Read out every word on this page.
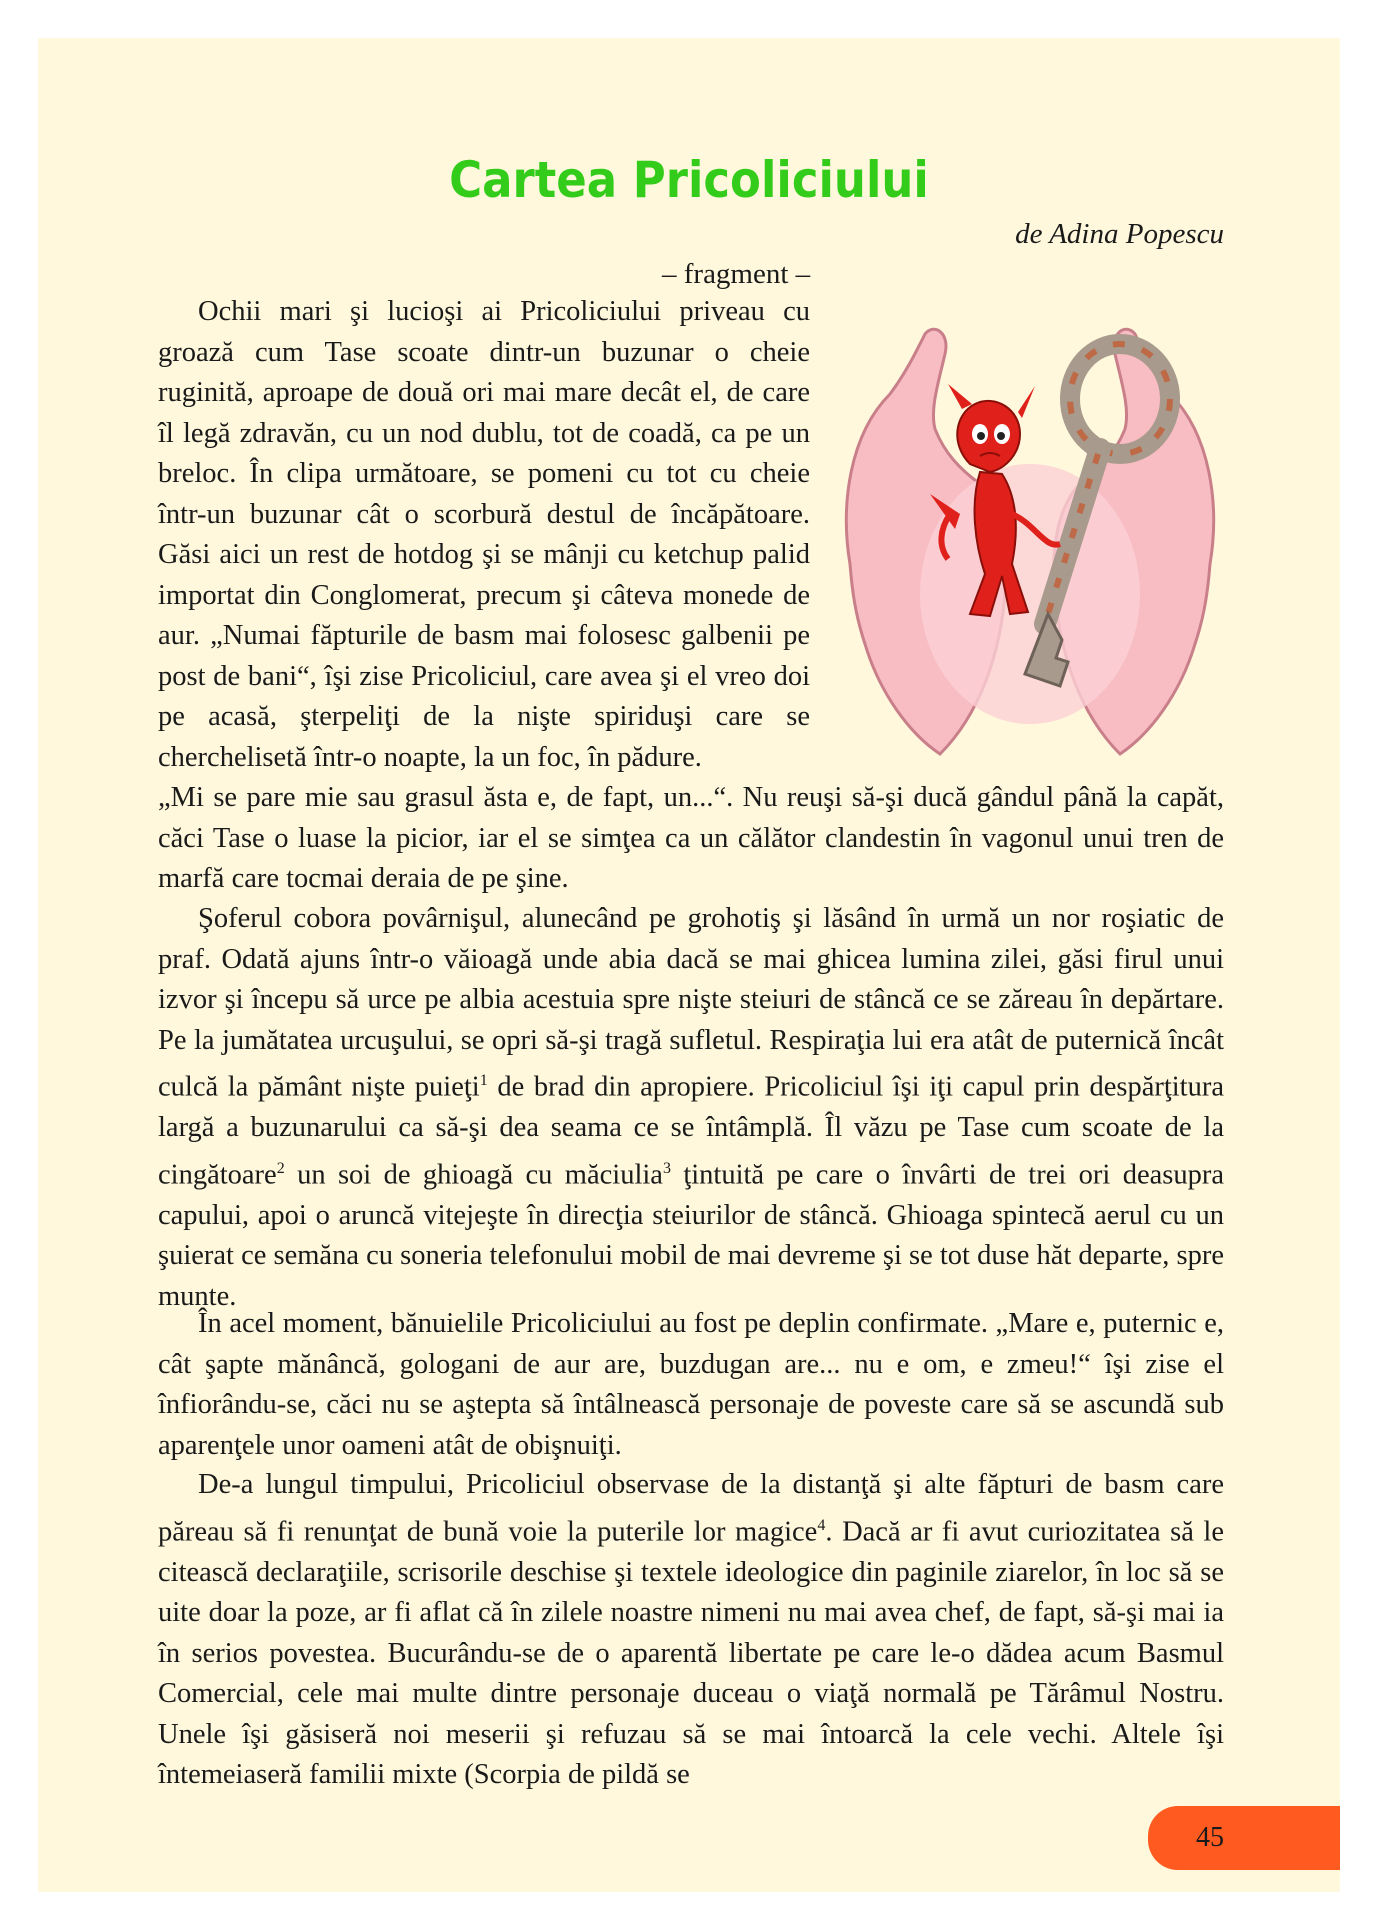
Cartea Pricoliciului

de Adina Popescu

– fragment –

Ochii mari şi lucioşi ai Pricoliciului priveau cu groază cum Tase scoate dintr-un buzunar o cheie ruginită, aproape de două ori mai mare decât el, de care îl legă zdravăn, cu un nod dublu, tot de coadă, ca pe un breloc. În clipa următoare, se pomeni cu tot cu cheie într-un buzunar cât o scorbură destul de încăpătoare. Găsi aici un rest de hotdog şi se mânji cu ketchup palid importat din Conglomerat, precum şi câteva monede de aur. „Numai făpturile de basm mai folosesc galbenii pe post de bani“, îşi zise Pricoliciul, care avea şi el vreo doi pe acasă, şterpeliţi de la nişte spiriduşi care se cherchelisetă într-o noapte, la un foc, în pădure.

„Mi se pare mie sau grasul ăsta e, de fapt, un...“. Nu reuşi să-şi ducă gândul până la capăt, căci Tase o luase la picior, iar el se simţea ca un călător clandestin în vagonul unui tren de marfă care tocmai deraia de pe şine.

Şoferul cobora povârnişul, alunecând pe grohotiş şi lăsând în urmă un nor roşiatic de praf. Odată ajuns într-o văioagă unde abia dacă se mai ghicea lumina zilei, găsi firul unui izvor şi începu să urce pe albia acestuia spre nişte steiuri de stâncă ce se zăreau în depărtare. Pe la jumătatea urcuşului, se opri să-şi tragă sufletul. Respiraţia lui era atât de puternică încât culcă la pământ nişte puieţi$^1$ de brad din apropiere. Pricoliciul îşi iţi capul prin despărţitura largă a buzunarului ca să-şi dea seama ce se întâmplă. Îl văzu pe Tase cum scoate de la cingătoare$^2$ un soi de ghioagă cu măciulia$^3$ ţintuită pe care o învârti de trei ori deasupra capului, apoi o aruncă vitejeşte în direcţia steiurilor de stâncă. Ghioaga spintecă aerul cu un şuierat ce semăna cu soneria telefonului mobil de mai devreme şi se tot duse hăt departe, spre munte.

În acel moment, bănuielile Pricoliciului au fost pe deplin confirmate. „Mare e, puternic e, cât şapte mănâncă, gologani de aur are, buzdugan are... nu e om, e zmeu!“ îşi zise el înfiorându-se, căci nu se aştepta să întâlnească personaje de poveste care să se ascundă sub aparenţele unor oameni atât de obişnuiţi.

De-a lungul timpului, Pricoliciul observase de la distanţă şi alte făpturi de basm care păreau să fi renunţat de bună voie la puterile lor magice$^4$. Dacă ar fi avut curiozitatea să le citească declaraţiile, scrisorile deschise şi textele ideologice din paginile ziarelor, în loc să se uite doar la poze, ar fi aflat că în zilele noastre nimeni nu mai avea chef, de fapt, să-şi mai ia în serios povestea. Bucurându-se de o aparentă libertate pe care le-o dădea acum Basmul Comercial, cele mai multe dintre personaje duceau o viaţă normală pe Tărâmul Nostru. Unele îşi găsiseră noi meserii şi refuzau să se mai întoarcă la cele vechi. Altele îşi întemeiaseră familii mixte (Scorpia de pildă se

45
